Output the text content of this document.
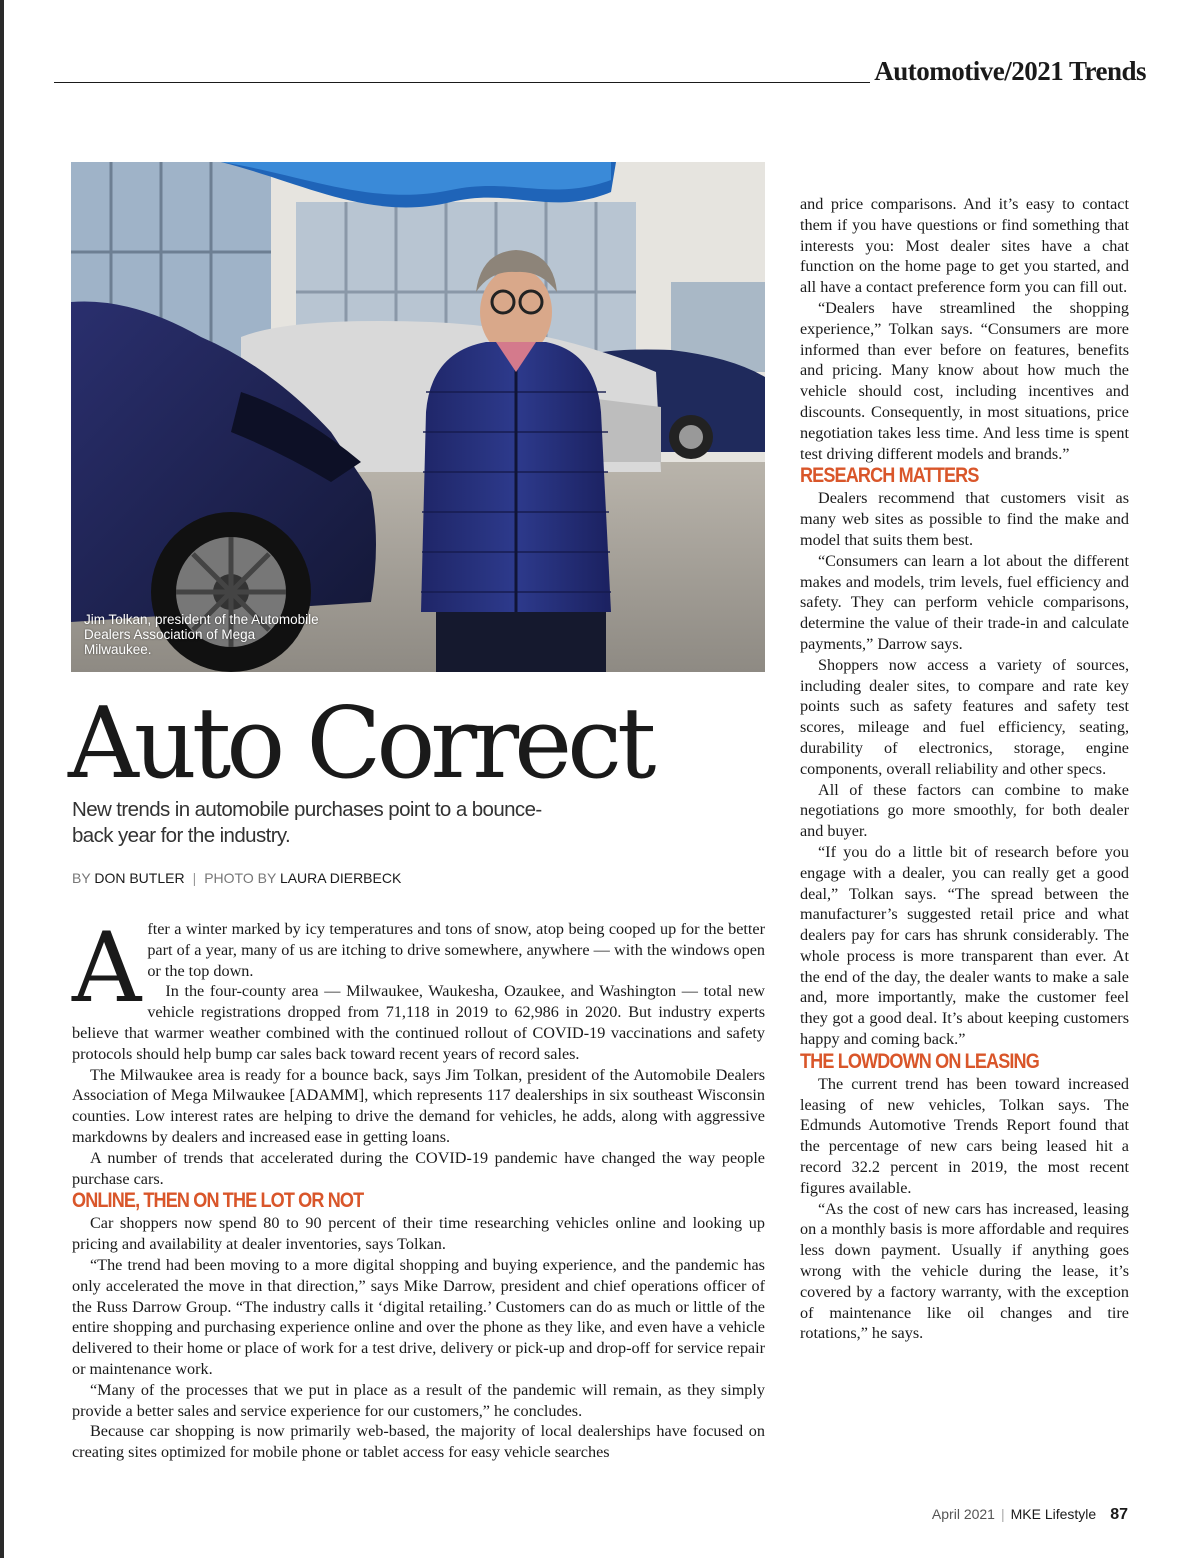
Automotive/2021 Trends
Jim Tolkan, president of the Automobile Dealers Association of Mega Milwaukee.
Auto Correct
New trends in automobile purchases point to a bounce-back year for the industry.
BY DON BUTLER | PHOTO BY LAURA DIERBECK

After a winter marked by icy temperatures and tons of snow, atop being cooped up for the better part of a year, many of us are itching to drive somewhere, anywhere — with the windows open or the top down.

In the four-county area — Milwaukee, Waukesha, Ozaukee, and Washington — total new vehicle registrations dropped from 71,118 in 2019 to 62,986 in 2020. But industry experts believe that warmer weather combined with the continued rollout of COVID-19 vaccinations and safety protocols should help bump car sales back toward recent years of record sales.

The Milwaukee area is ready for a bounce back, says Jim Tolkan, president of the Automobile Dealers Association of Mega Milwaukee [ADAMM], which represents 117 dealerships in six southeast Wisconsin counties. Low interest rates are helping to drive the demand for vehicles, he adds, along with aggressive markdowns by dealers and increased ease in getting loans.

A number of trends that accelerated during the COVID-19 pandemic have changed the way people purchase cars.

ONLINE, THEN ON THE LOT OR NOT

Car shoppers now spend 80 to 90 percent of their time researching vehicles online and looking up pricing and availability at dealer inventories, says Tolkan.

“The trend had been moving to a more digital shopping and buying experience, and the pandemic has only accelerated the move in that direction,” says Mike Darrow, president and chief operations officer of the Russ Darrow Group. “The industry calls it ‘digital retailing.’ Customers can do as much or little of the entire shopping and purchasing experience online and over the phone as they like, and even have a vehicle delivered to their home or place of work for a test drive, delivery or pick-up and drop-off for service repair or maintenance work.

“Many of the processes that we put in place as a result of the pandemic will remain, as they simply provide a better sales and service experience for our customers,” he concludes.

Because car shopping is now primarily web-based, the majority of local dealerships have focused on creating sites optimized for mobile phone or tablet access for easy vehicle searches

and price comparisons. And it’s easy to contact them if you have questions or find something that interests you: Most dealer sites have a chat function on the home page to get you started, and all have a contact preference form you can fill out.

“Dealers have streamlined the shopping experience,” Tolkan says. “Consumers are more informed than ever before on features, benefits and pricing. Many know about how much the vehicle should cost, including incentives and discounts. Consequently, in most situations, price negotiation takes less time. And less time is spent test driving different models and brands.”

RESEARCH MATTERS

Dealers recommend that customers visit as many web sites as possible to find the make and model that suits them best.

“Consumers can learn a lot about the different makes and models, trim levels, fuel efficiency and safety. They can perform vehicle comparisons, determine the value of their trade-in and calculate payments,” Darrow says.

Shoppers now access a variety of sources, including dealer sites, to compare and rate key points such as safety features and safety test scores, mileage and fuel efficiency, seating, durability of electronics, storage, engine components, overall reliability and other specs.

All of these factors can combine to make negotiations go more smoothly, for both dealer and buyer.

“If you do a little bit of research before you engage with a dealer, you can really get a good deal,” Tolkan says. “The spread between the manufacturer’s suggested retail price and what dealers pay for cars has shrunk considerably. The whole process is more transparent than ever. At the end of the day, the dealer wants to make a sale and, more importantly, make the customer feel they got a good deal. It’s about keeping customers happy and coming back.”

THE LOWDOWN ON LEASING

The current trend has been toward increased leasing of new vehicles, Tolkan says. The Edmunds Automotive Trends Report found that the percentage of new cars being leased hit a record 32.2 percent in 2019, the most recent figures available.

“As the cost of new cars has increased, leasing on a monthly basis is more affordable and requires less down payment. Usually if anything goes wrong with the vehicle during the lease, it’s covered by a factory warranty, with the exception of maintenance like oil changes and tire rotations,” he says.

April 2021 | MKE Lifestyle 87
